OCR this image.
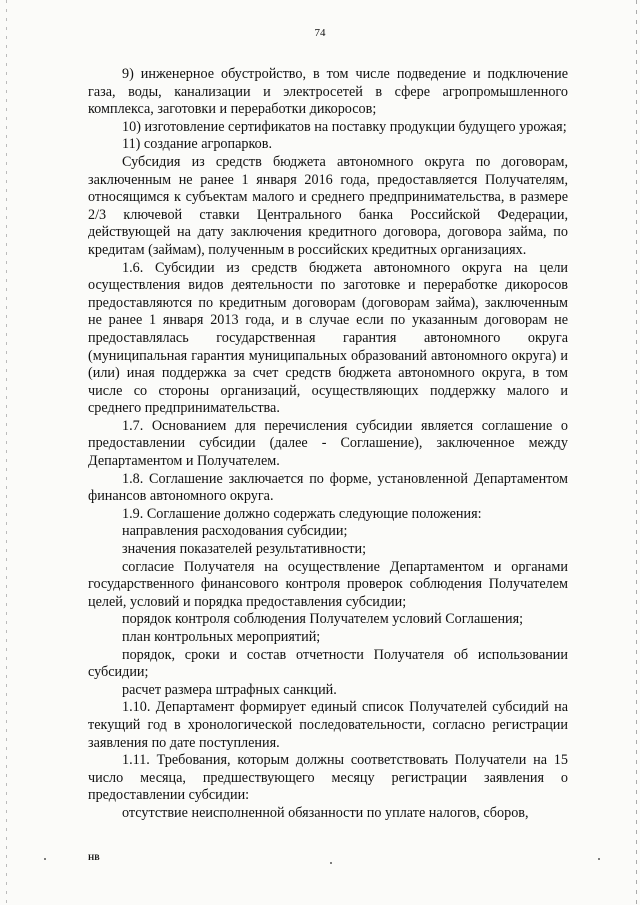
74

9) инженерное обустройство, в том числе подведение и подключение газа, воды, канализации и электросетей в сфере агропромышленного комплекса, заготовки и переработки дикоросов;

10) изготовление сертификатов на поставку продукции будущего урожая;

11) создание агропарков.

Субсидия из средств бюджета автономного округа по договорам, заключенным не ранее 1 января 2016 года, предоставляется Получателям, относящимся к субъектам малого и среднего предпринимательства, в размере 2/3 ключевой ставки Центрального банка Российской Федерации, действующей на дату заключения кредитного договора, договора займа, по кредитам (займам), полученным в российских кредитных организациях.

1.6. Субсидии из средств бюджета автономного округа на цели осуществления видов деятельности по заготовке и переработке дикоросов предоставляются по кредитным договорам (договорам займа), заключенным не ранее 1 января 2013 года, и в случае если по указанным договорам не предоставлялась государственная гарантия автономного округа (муниципальная гарантия муниципальных образований автономного округа) и (или) иная поддержка за счет средств бюджета автономного округа, в том числе со стороны организаций, осуществляющих поддержку малого и среднего предпринимательства.

1.7. Основанием для перечисления субсидии является соглашение о предоставлении субсидии (далее - Соглашение), заключенное между Департаментом и Получателем.

1.8. Соглашение заключается по форме, установленной Департаментом финансов автономного округа.

1.9. Соглашение должно содержать следующие положения:

направления расходования субсидии;

значения показателей результативности;

согласие Получателя на осуществление Департаментом и органами государственного финансового контроля проверок соблюдения Получателем целей, условий и порядка предоставления субсидии;

порядок контроля соблюдения Получателем условий Соглашения;

план контрольных мероприятий;

порядок, сроки и состав отчетности Получателя об использовании субсидии;

расчет размера штрафных санкций.

1.10. Департамент формирует единый список Получателей субсидий на текущий год в хронологической последовательности, согласно регистрации заявления по дате поступления.

1.11. Требования, которым должны соответствовать Получатели на 15 число месяца, предшествующего месяцу регистрации заявления о предоставлении субсидии:

отсутствие неисполненной обязанности по уплате налогов, сборов,

НВ
